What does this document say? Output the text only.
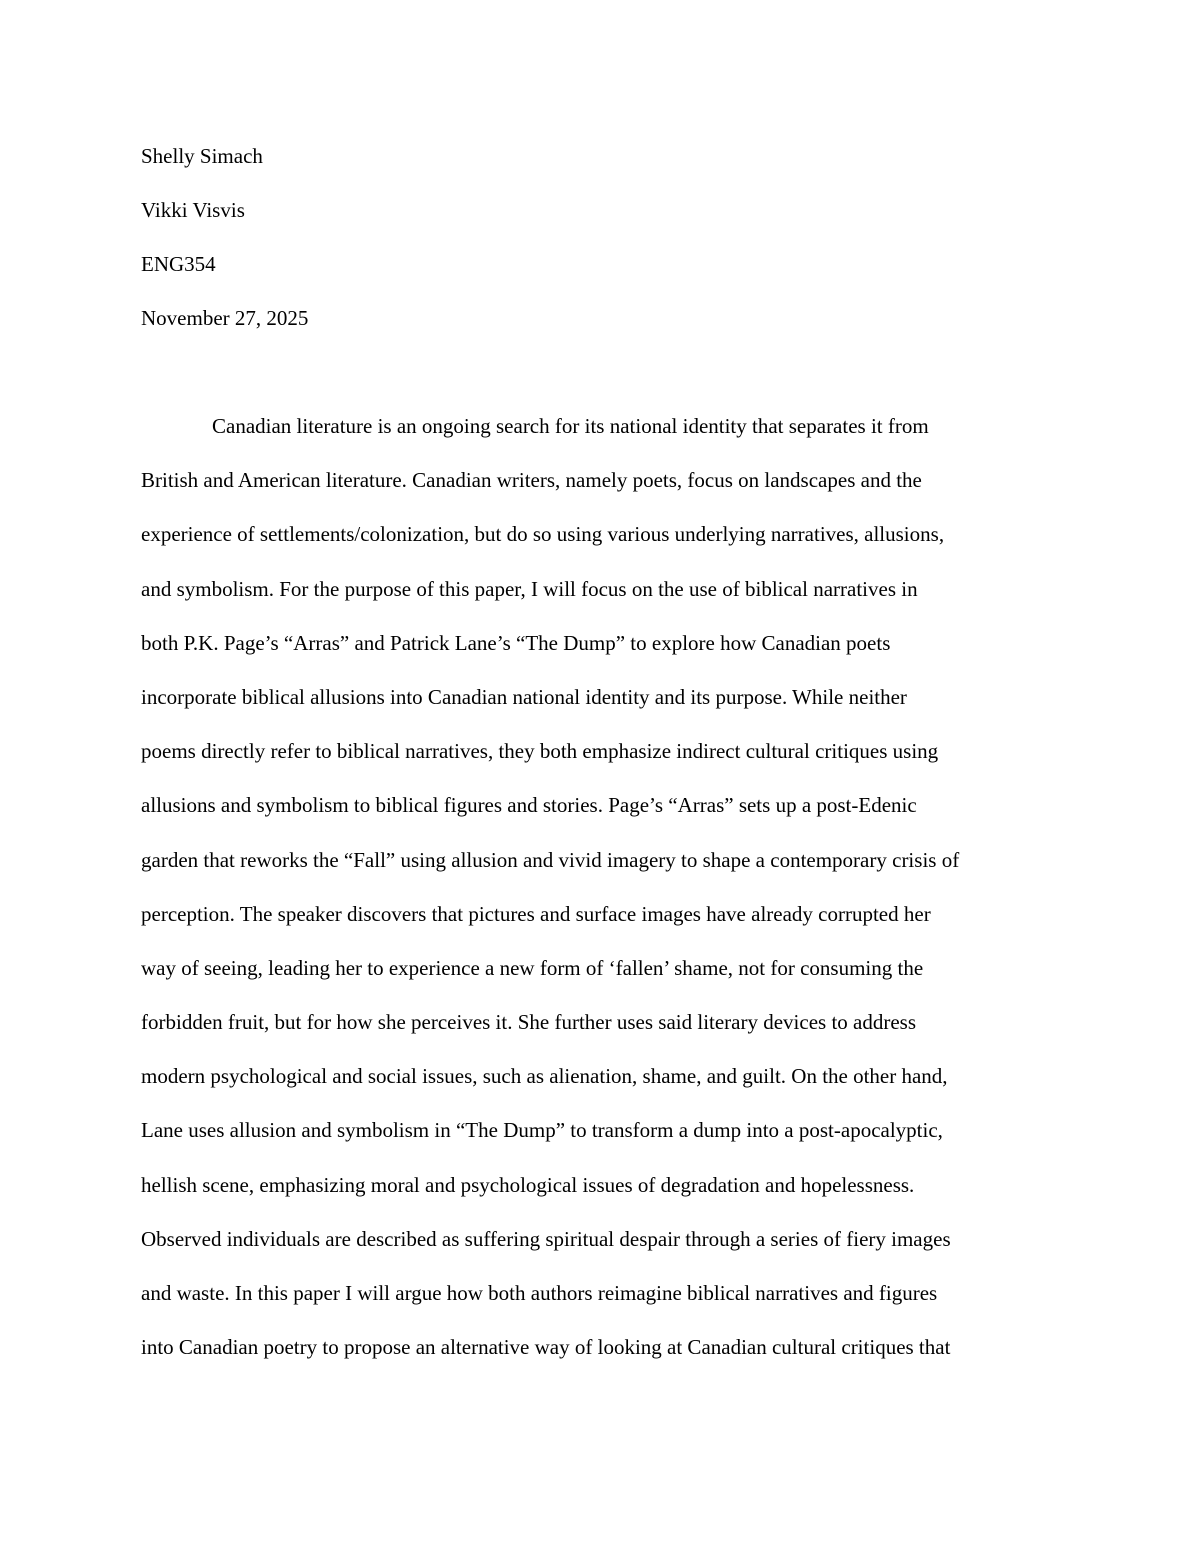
Shelly Simach
Vikki Visvis
ENG354
November 27, 2025
Canadian literature is an ongoing search for its national identity that separates it from
British and American literature. Canadian writers, namely poets, focus on landscapes and the
experience of settlements/colonization, but do so using various underlying narratives, allusions,
and symbolism. For the purpose of this paper, I will focus on the use of biblical narratives in
both P.K. Page’s “Arras” and Patrick Lane’s “The Dump” to explore how Canadian poets
incorporate biblical allusions into Canadian national identity and its purpose. While neither
poems directly refer to biblical narratives, they both emphasize indirect cultural critiques using
allusions and symbolism to biblical figures and stories. Page’s “Arras” sets up a post-Edenic
garden that reworks the “Fall” using allusion and vivid imagery to shape a contemporary crisis of
perception. The speaker discovers that pictures and surface images have already corrupted her
way of seeing, leading her to experience a new form of ‘fallen’ shame, not for consuming the
forbidden fruit, but for how she perceives it. She further uses said literary devices to address
modern psychological and social issues, such as alienation, shame, and guilt. On the other hand,
Lane uses allusion and symbolism in “The Dump” to transform a dump into a post-apocalyptic,
hellish scene, emphasizing moral and psychological issues of degradation and hopelessness.
Observed individuals are described as suffering spiritual despair through a series of fiery images
and waste. In this paper I will argue how both authors reimagine biblical narratives and figures
into Canadian poetry to propose an alternative way of looking at Canadian cultural critiques that
